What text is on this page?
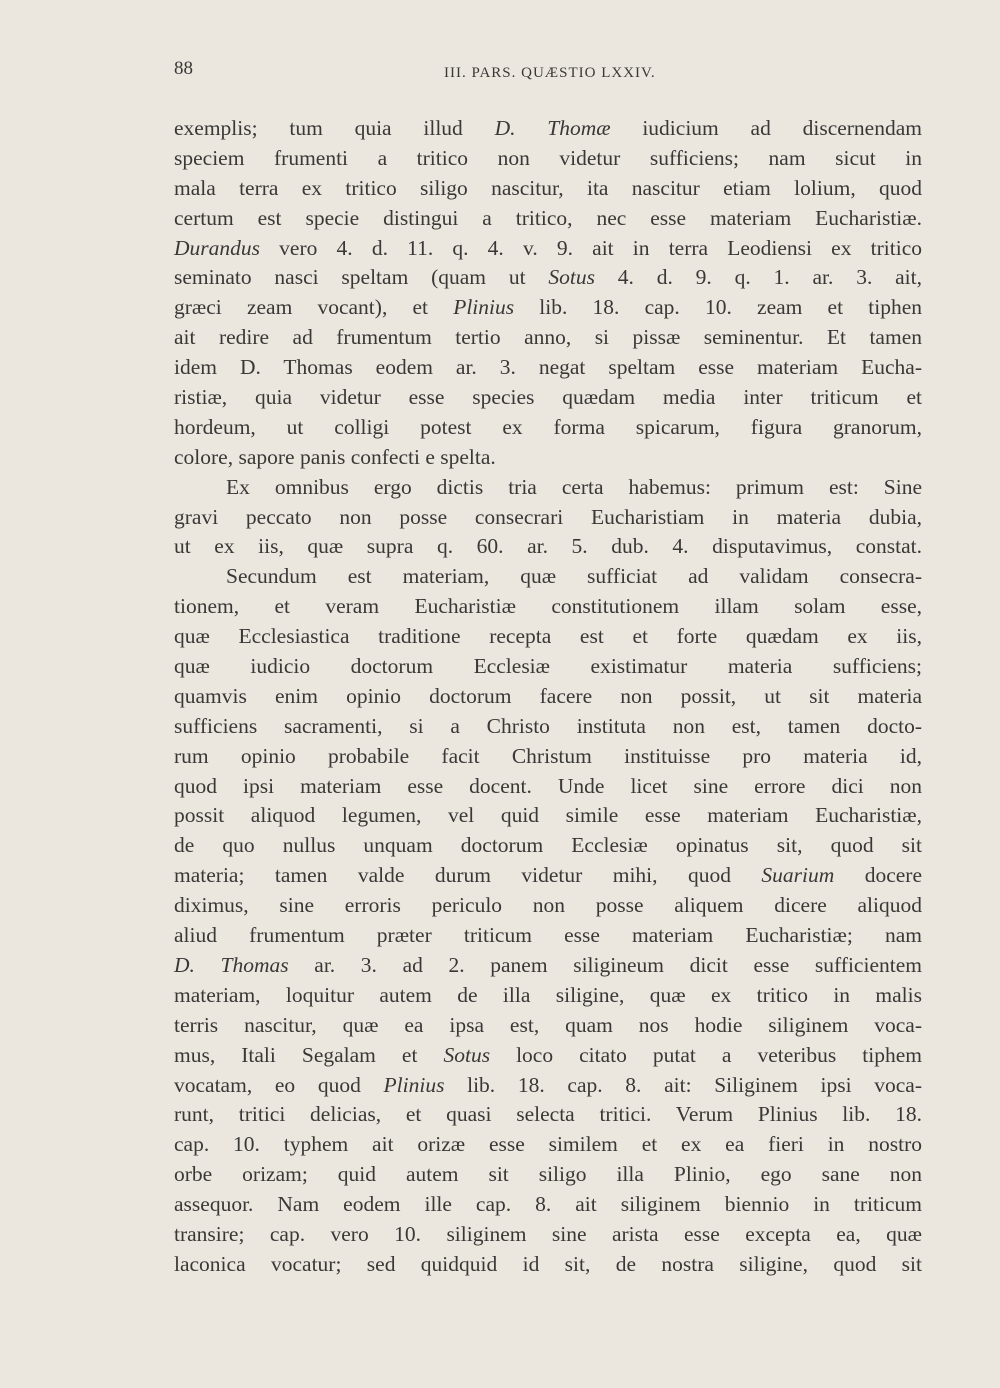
88	III. PARS. QUÆSTIO LXXIV.
exemplis; tum quia illud D. Thomæ iudicium ad discernendam
speciem frumenti a tritico non videtur sufficiens; nam sicut in
mala terra ex tritico siligo nascitur, ita nascitur etiam lolium, quod
certum est specie distingui a tritico, nec esse materiam Eucharistiæ.
Durandus vero 4. d. 11. q. 4. v. 9. ait in terra Leodiensi ex tritico
seminato nasci speltam (quam ut Sotus 4. d. 9. q. 1. ar. 3. ait,
græci zeam vocant), et Plinius lib. 18. cap. 10. zeam et tiphen
ait redire ad frumentum tertio anno, si pissæ seminentur. Et tamen
idem D. Thomas eodem ar. 3. negat speltam esse materiam Eucha-
ristiæ, quia videtur esse species quædam media inter triticum et
hordeum, ut colligi potest ex forma spicarum, figura granorum,
colore, sapore panis confecti e spelta.
Ex omnibus ergo dictis tria certa habemus: primum est: Sine
gravi peccato non posse consecrari Eucharistiam in materia dubia,
ut ex iis, quæ supra q. 60. ar. 5. dub. 4. disputavimus, constat.
Secundum est materiam, quæ sufficiat ad validam consecra-
tionem, et veram Eucharistiæ constitutionem illam solam esse,
quæ Ecclesiastica traditione recepta est et forte quædam ex iis,
quæ iudicio doctorum Ecclesiæ existimatur materia sufficiens;
quamvis enim opinio doctorum facere non possit, ut sit materia
sufficiens sacramenti, si a Christo instituta non est, tamen docto-
rum opinio probabile facit Christum instituisse pro materia id,
quod ipsi materiam esse docent. Unde licet sine errore dici non
possit aliquod legumen, vel quid simile esse materiam Eucharistiæ,
de quo nullus unquam doctorum Ecclesiæ opinatus sit, quod sit
materia; tamen valde durum videtur mihi, quod Suarium docere
diximus, sine erroris periculo non posse aliquem dicere aliquod
aliud frumentum præter triticum esse materiam Eucharistiæ; nam
D. Thomas ar. 3. ad 2. panem siligineum dicit esse sufficientem
materiam, loquitur autem de illa siligine, quæ ex tritico in malis
terris nascitur, quæ ea ipsa est, quam nos hodie siliginem voca-
mus, Itali Segalam et Sotus loco citato putat a veteribus tiphem
vocatam, eo quod Plinius lib. 18. cap. 8. ait: Siliginem ipsi voca-
runt, tritici delicias, et quasi selecta tritici. Verum Plinius lib. 18.
cap. 10. typhem ait orizæ esse similem et ex ea fieri in nostro
orbe orizam; quid autem sit siligo illa Plinio, ego sane non
assequor. Nam eodem ille cap. 8. ait siliginem biennio in triticum
transire; cap. vero 10. siliginem sine arista esse excepta ea, quæ
laconica vocatur; sed quidquid id sit, de nostra siligine, quod sit
